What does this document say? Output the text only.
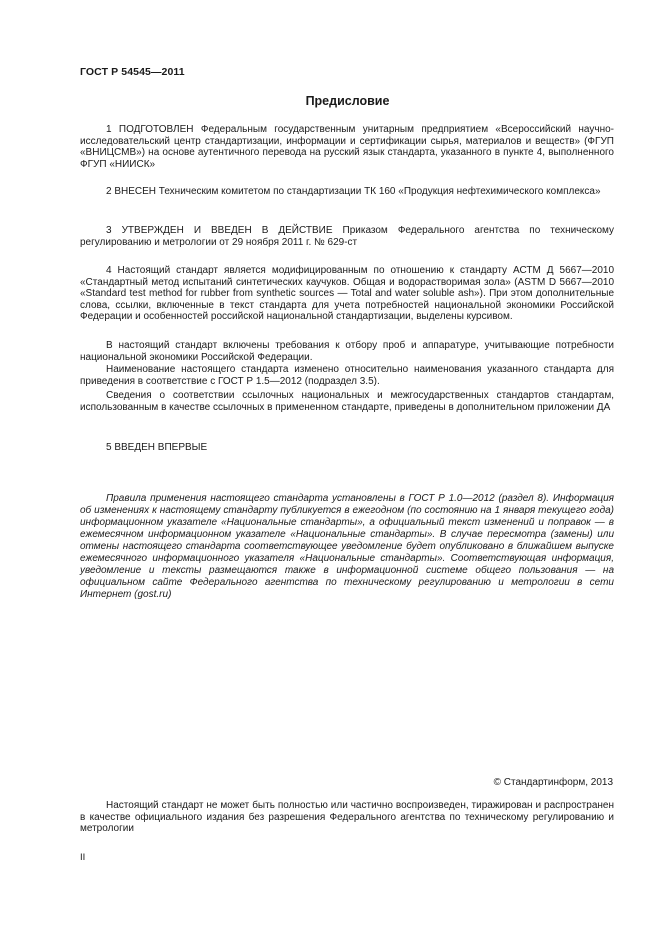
ГОСТ Р 54545—2011
Предисловие

1 ПОДГОТОВЛЕН Федеральным государственным унитарным предприятием «Всероссийский научно-исследовательский центр стандартизации, информации и сертификации сырья, материалов и веществ» (ФГУП «ВНИЦСМВ») на основе аутентичного перевода на русский язык стандарта, указанного в пункте 4, выполненного ФГУП «НИИСК»

2 ВНЕСЕН Техническим комитетом по стандартизации ТК 160 «Продукция нефтехимического комплекса»

3 УТВЕРЖДЕН И ВВЕДЕН В ДЕЙСТВИЕ Приказом Федерального агентства по техническому регулированию и метрологии от 29 ноября 2011 г. № 629-ст

4 Настоящий стандарт является модифицированным по отношению к стандарту АСТМ Д 5667—2010 «Стандартный метод испытаний синтетических каучуков. Общая и водорастворимая зола» (ASTM D 5667—2010 «Standard test method for rubber from synthetic sources — Total and water soluble ash»). При этом дополнительные слова, ссылки, включенные в текст стандарта для учета потребностей национальной экономики Российской Федерации и особенностей российской национальной стандартизации, выделены курсивом.

В настоящий стандарт включены требования к отбору проб и аппаратуре, учитывающие потребности национальной экономики Российской Федерации.

Наименование настоящего стандарта изменено относительно наименования указанного стандарта для приведения в соответствие с ГОСТ Р 1.5—2012 (подраздел 3.5).

Сведения о соответствии ссылочных национальных и межгосударственных стандартов стандартам, использованным в качестве ссылочных в примененном стандарте, приведены в дополнительном приложении ДА

5 ВВЕДЕН ВПЕРВЫЕ

Правила применения настоящего стандарта установлены в ГОСТ Р 1.0—2012 (раздел 8). Информация об изменениях к настоящему стандарту публикуется в ежегодном (по состоянию на 1 января текущего года) информационном указателе «Национальные стандарты», а официальный текст изменений и поправок — в ежемесячном информационном указателе «Национальные стандарты». В случае пересмотра (замены) или отмены настоящего стандарта соответствующее уведомление будет опубликовано в ближайшем выпуске ежемесячного информационного указателя «Национальные стандарты». Соответствующая информация, уведомление и тексты размещаются также в информационной системе общего пользования — на официальном сайте Федерального агентства по техническому регулированию и метрологии в сети Интернет (gost.ru)

© Стандартинформ, 2013

Настоящий стандарт не может быть полностью или частично воспроизведен, тиражирован и распространен в качестве официального издания без разрешения Федерального агентства по техническому регулированию и метрологии

II
